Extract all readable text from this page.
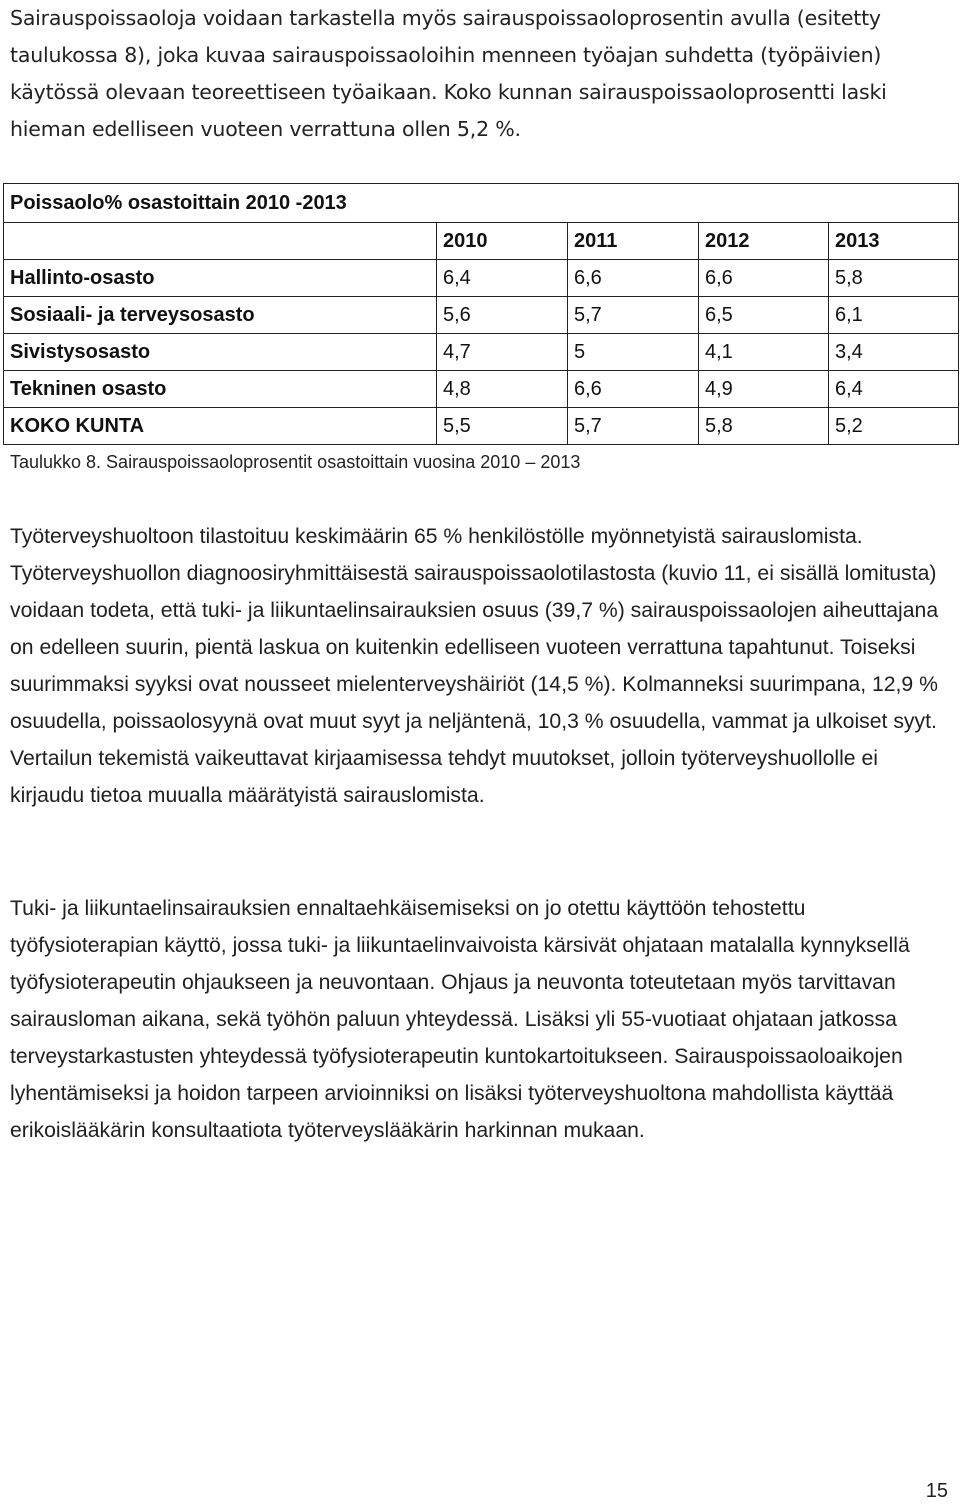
Sairauspoissaoloja voidaan tarkastella myös sairauspoissaoloprosentin avulla (esitetty taulukossa 8), joka kuvaa sairauspoissaoloihin menneen työajan suhdetta (työpäivien) käytössä olevaan teoreettiseen työaikaan. Koko kunnan sairauspoissaoloprosentti laski hieman edelliseen vuoteen verrattuna ollen 5,2 %.
Poissaolo% osastoittain 2010 -2013				
	2010	2011	2012	2013
Hallinto-osasto	6,4	6,6	6,6	5,8
Sosiaali- ja terveysosasto	5,6	5,7	6,5	6,1
Sivistysosasto	4,7	5	4,1	3,4
Tekninen osasto	4,8	6,6	4,9	6,4
KOKO KUNTA	5,5	5,7	5,8	5,2
Taulukko 8. Sairauspoissaoloprosentit osastoittain vuosina 2010 – 2013
Työterveyshuoltoon tilastoituu keskimäärin 65 % henkilöstölle myönnetyistä sairauslomista. Työterveyshuollon diagnoosiryhmittäisestä sairauspoissaolotilastosta (kuvio 11, ei sisällä lomitusta) voidaan todeta, että tuki- ja liikuntaelinsairauksien osuus (39,7 %) sairauspoissaolojen aiheuttajana on edelleen suurin, pientä laskua on kuitenkin edelliseen vuoteen verrattuna tapahtunut. Toiseksi suurimmaksi syyksi ovat nousseet mielenterveyshäiriöt (14,5 %). Kolmanneksi suurimpana, 12,9 % osuudella, poissaolosyynä ovat muut syyt ja neljäntenä, 10,3 % osuudella, vammat ja ulkoiset syyt. Vertailun tekemistä vaikeuttavat kirjaamisessa tehdyt muutokset, jolloin työterveyshuollolle ei kirjaudu tietoa muualla määrätyistä sairauslomista.
Tuki- ja liikuntaelinsairauksien ennaltaehkäisemiseksi on jo otettu käyttöön tehostettu työfysioterapian käyttö, jossa tuki- ja liikuntaelinvaivoista kärsivät ohjataan matalalla kynnyksellä työfysioterapeutin ohjaukseen ja neuvontaan. Ohjaus ja neuvonta toteutetaan myös tarvittavan sairausloman aikana, sekä työhön paluun yhteydessä. Lisäksi yli 55-vuotiaat ohjataan jatkossa terveystarkastusten yhteydessä työfysioterapeutin kuntokartoitukseen. Sairauspoissaoloaikojen lyhentämiseksi ja hoidon tarpeen arvioinniksi on lisäksi työterveyshuoltona mahdollista käyttää erikoislääkärin konsultaatiota työterveyslääkärin harkinnan mukaan.
15
